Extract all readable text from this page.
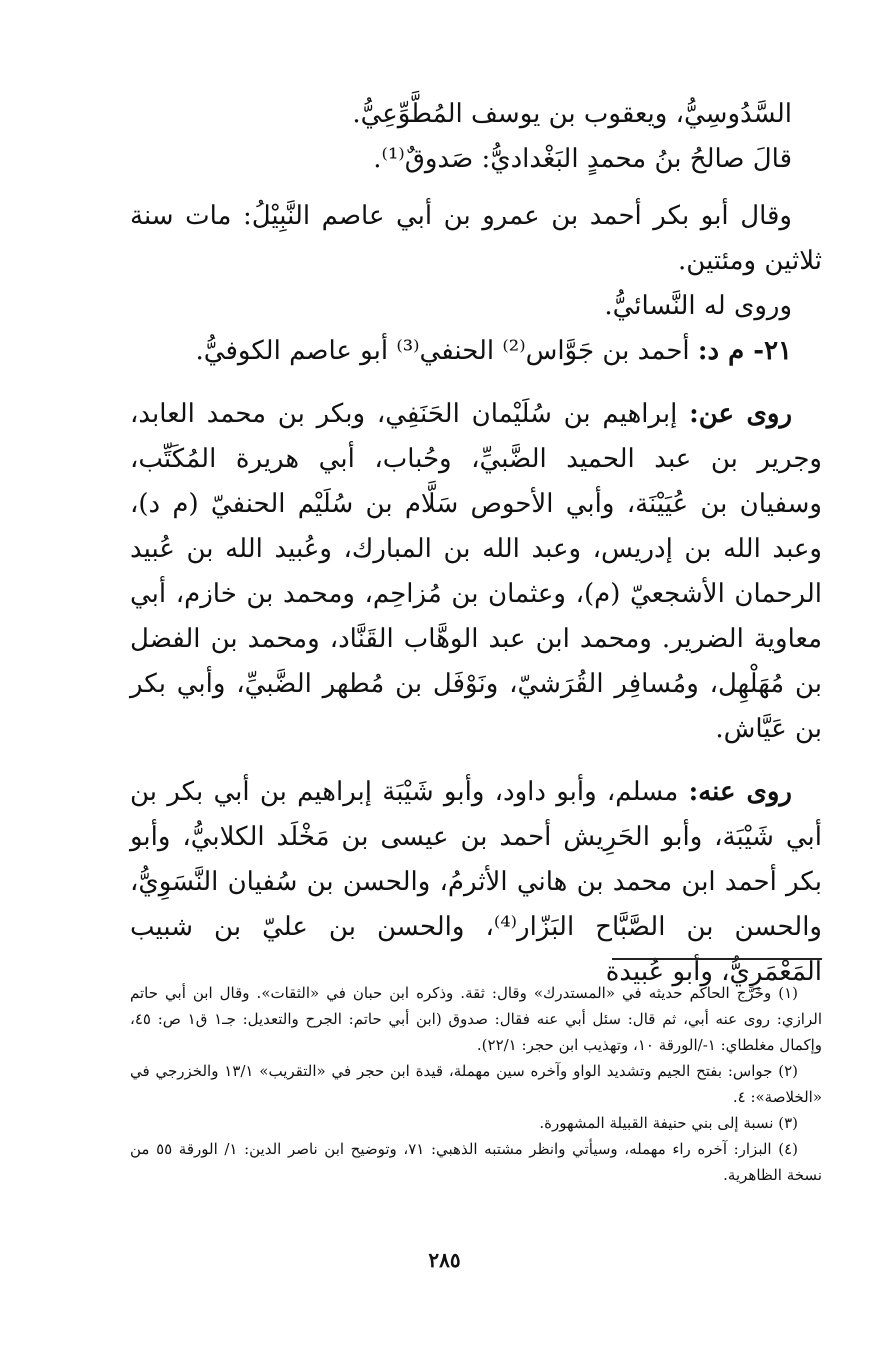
السَّدُوسِيُّ، ويعقوب بن يوسف المُطَّوِّعِيُّ.

قالَ صالحُ بنُ محمدٍ البَغْداديُّ: صَدوقٌ⁽¹⁾.

وقال أبو بكر أحمد بن عمرو بن أبي عاصم النَّبِيْلُ: مات سنة ثلاثين ومئتين.

وروى له النَّسائيُّ.

٢١- م د: أحمد بن جَوَّاس⁽²⁾ الحنفي⁽³⁾ أبو عاصم الكوفيُّ.

روى عن: إبراهيم بن سُلَيْمان الحَنَفِي، وبكر بن محمد العابد، وجرير بن عبد الحميد الضَّبيِّ، وحُباب، أبي هريرة المُكَتِّب، وسفيان بن عُيَيْنَة، وأبي الأحوص سَلَّام بن سُلَيْم الحنفيّ (م د)، وعبد الله بن إدريس، وعبد الله بن المبارك، وعُبيد الله بن عُبيد الرحمان الأشجعيّ (م)، وعثمان بن مُزاحِم، ومحمد بن خازم، أبي معاوية الضرير. ومحمد ابن عبد الوهَّاب القَنَّاد، ومحمد بن الفضل بن مُهَلْهِل، ومُسافِر القُرَشيّ، ونَوْفَل بن مُطهر الضَّبيِّ، وأبي بكر بن عَيَّاش.

روى عنه: مسلم، وأبو داود، وأبو شَيْبَة إبراهيم بن أبي بكر بن أبي شَيْبَة، وأبو الحَرِيش أحمد بن عيسى بن مَخْلَد الكلابيُّ، وأبو بكر أحمد ابن محمد بن هاني الأثرمُ، والحسن بن سُفيان النَّسَوِيُّ، والحسن بن الصَّبَّاح البَزّار⁽⁴⁾، والحسن بن عليّ بن شبيب المَعْمَرِيُّ، وأبو عُبيدة

(١) وخَرَّج الحاكم حديثه في «المستدرك» وقال: ثقة. وذكره ابن حبان في «الثقات». وقال ابن أبي حاتم الرازي: روى عنه أبي، ثم قال: سئل أبي عنه فقال: صدوق (ابن أبي حاتم: الجرح والتعديل: جـ١ ق١ ص: ٤٥، وإكمال مغلطاي: ١-/الورقة ١٠، وتهذيب ابن حجر: ٢٢/١).

(٢) جواس: بفتح الجيم وتشديد الواو وآخره سين مهملة، قيدة ابن حجر في «التقريب» ١٣/١ والخزرجي في «الخلاصة»: ٤.

(٣) نسبة إلى بني حنيفة القبيلة المشهورة.

(٤) البزار: آخره راء مهمله، وسيأتي وانظر مشتبه الذهبي: ٧١، وتوضيح ابن ناصر الدين: ١/ الورقة ٥٥ من نسخة الظاهرية.

٢٨٥
